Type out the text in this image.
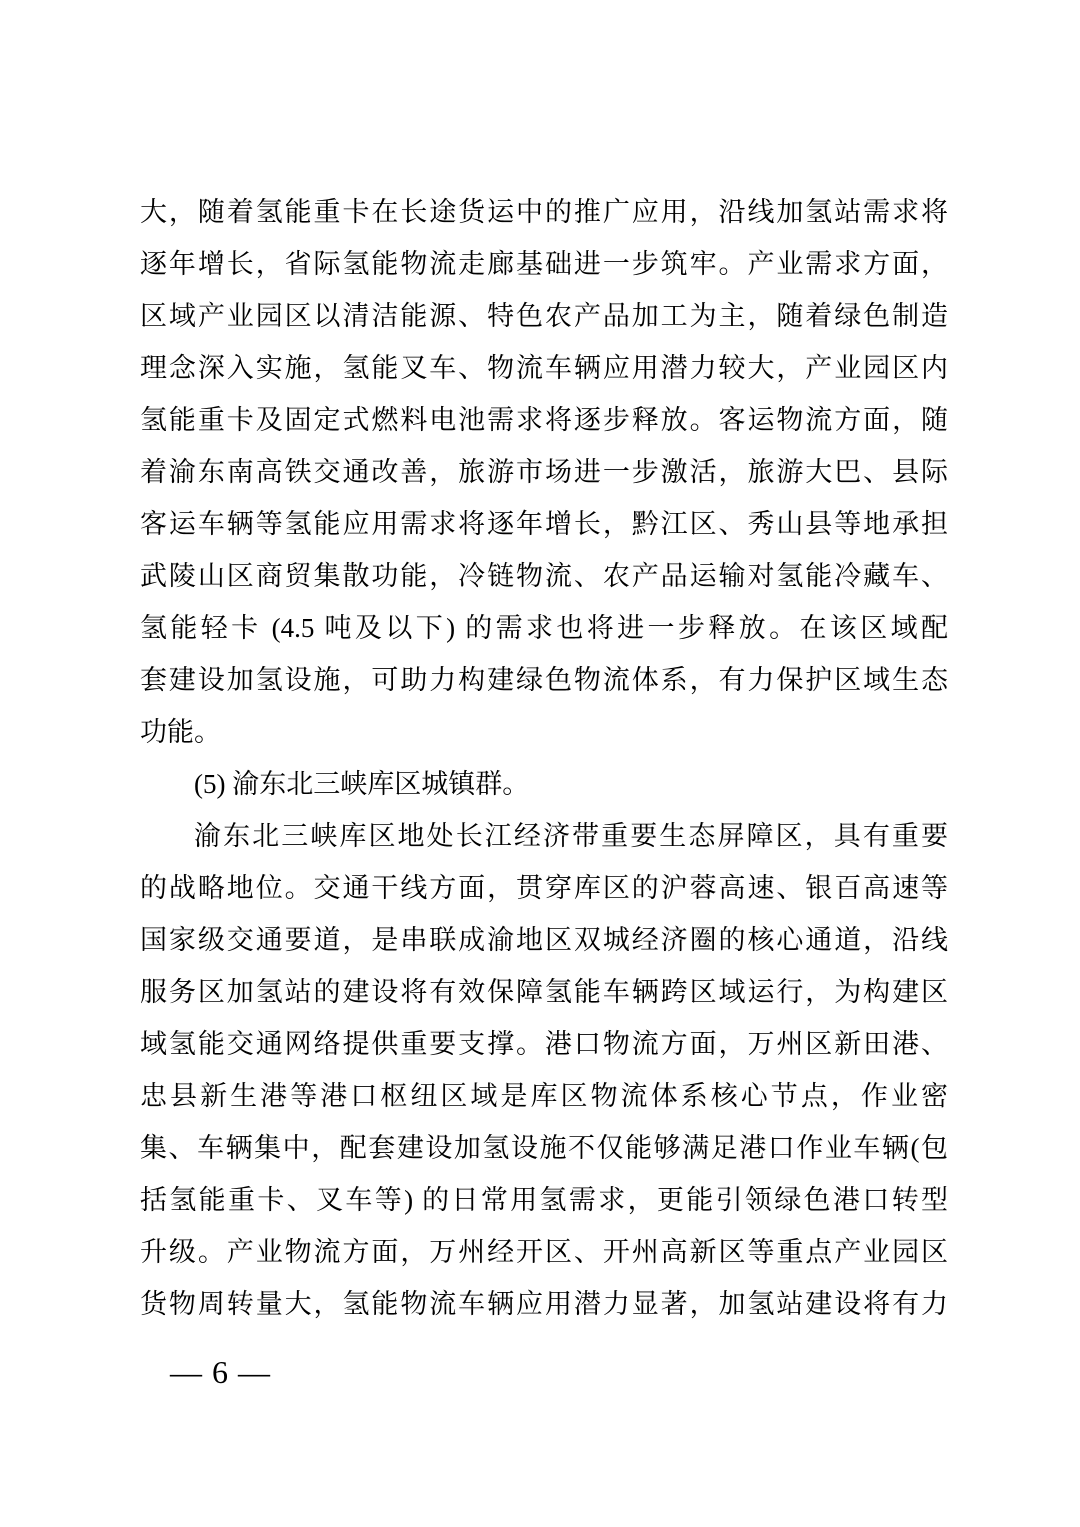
大，随着氢能重卡在长途货运中的推广应用，沿线加氢站需求将
逐年增长，省际氢能物流走廊基础进一步筑牢。产业需求方面，
区域产业园区以清洁能源、特色农产品加工为主，随着绿色制造
理念深入实施，氢能叉车、物流车辆应用潜力较大，产业园区内
氢能重卡及固定式燃料电池需求将逐步释放。客运物流方面，随
着渝东南高铁交通改善，旅游市场进一步激活，旅游大巴、县际
客运车辆等氢能应用需求将逐年增长，黔江区、秀山县等地承担
武陵山区商贸集散功能，冷链物流、农产品运输对氢能冷藏车、
氢能轻卡 (4.5 吨及以下) 的需求也将进一步释放。在该区域配
套建设加氢设施，可助力构建绿色物流体系，有力保护区域生态
功能。
(5) 渝东北三峡库区城镇群。
渝东北三峡库区地处长江经济带重要生态屏障区，具有重要
的战略地位。交通干线方面，贯穿库区的沪蓉高速、银百高速等
国家级交通要道，是串联成渝地区双城经济圈的核心通道，沿线
服务区加氢站的建设将有效保障氢能车辆跨区域运行，为构建区
域氢能交通网络提供重要支撑。港口物流方面，万州区新田港、
忠县新生港等港口枢纽区域是库区物流体系核心节点，作业密
集、车辆集中，配套建设加氢设施不仅能够满足港口作业车辆(包
括氢能重卡、叉车等) 的日常用氢需求，更能引领绿色港口转型
升级。产业物流方面，万州经开区、开州高新区等重点产业园区
货物周转量大，氢能物流车辆应用潜力显著，加氢站建设将有力
— 6 —
